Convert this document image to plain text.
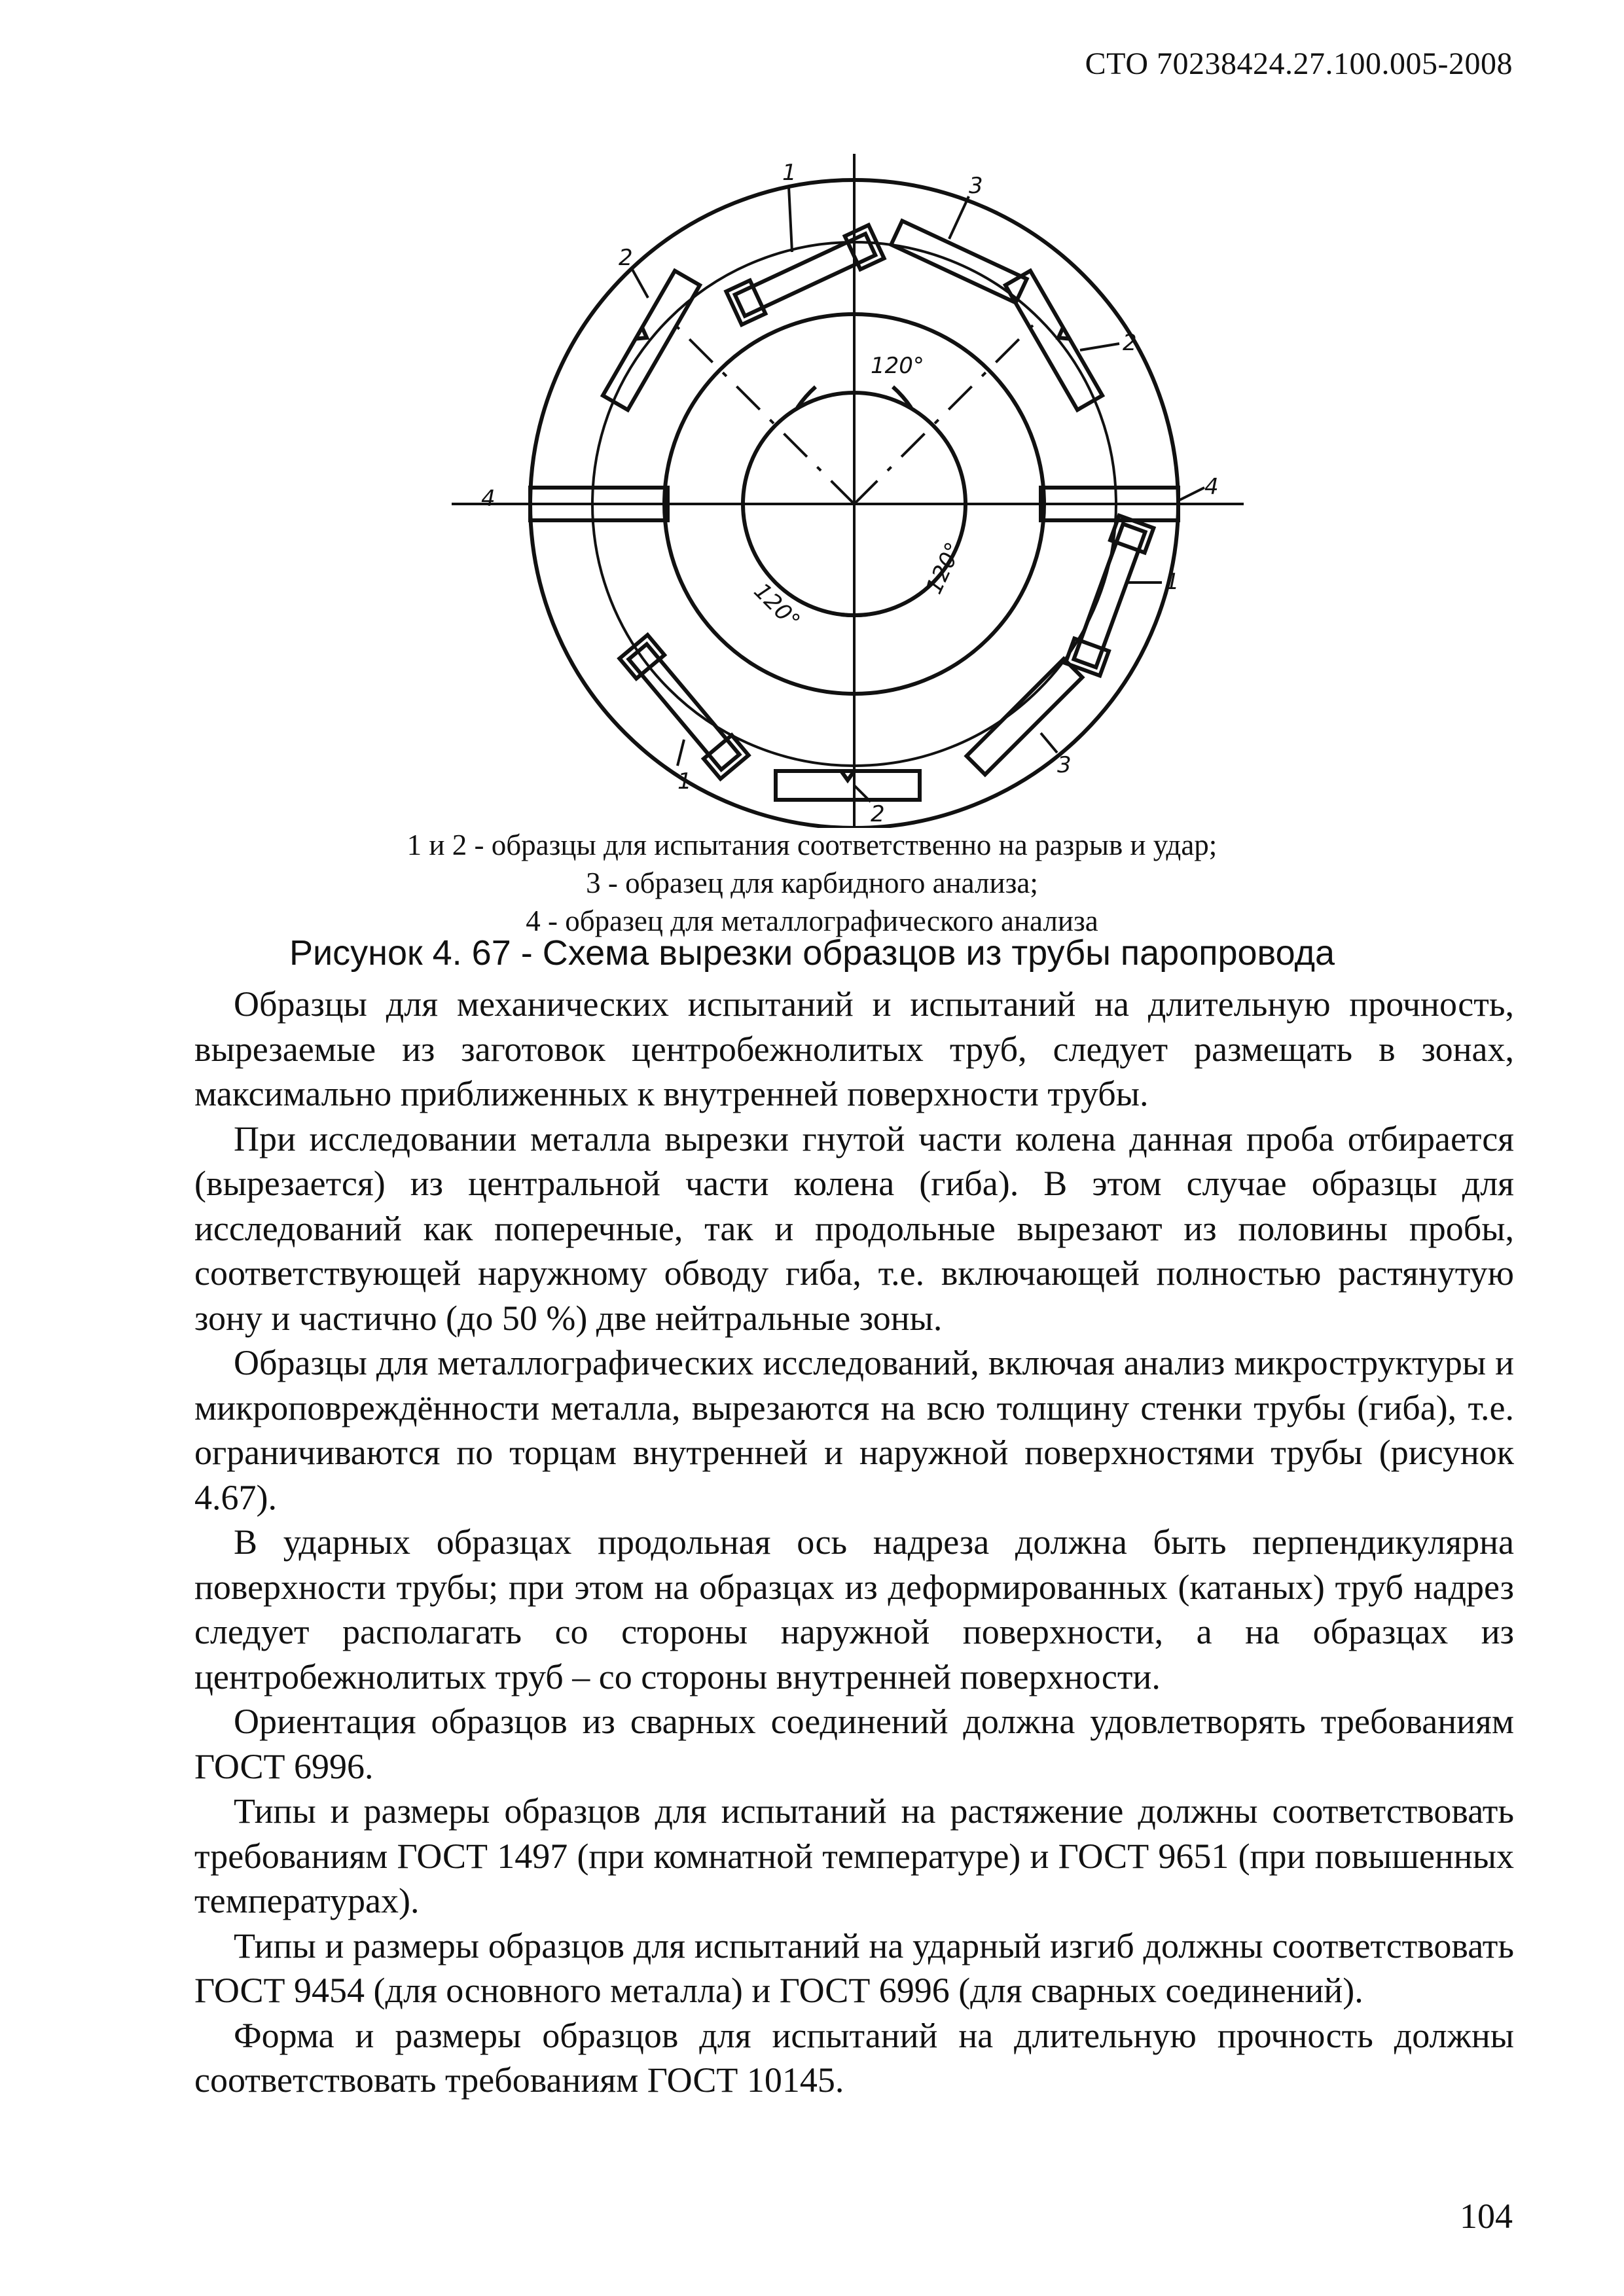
СТО 70238424.27.100.005-2008
120°
120°
120°
1	3
2
2
4	4
1
1
3
2
1 и 2 - образцы для испытания соответственно на разрыв и удар;
3 - образец для карбидного анализа;
4 - образец для металлографического анализа
Рисунок 4. 67 - Схема вырезки образцов из трубы паропровода

Образцы для механических испытаний и испытаний на длительную прочность, вырезаемые из заготовок центробежнолитых труб, следует размещать в зонах, максимально приближенных к внутренней поверхности трубы.

При исследовании металла вырезки гнутой части колена данная проба отбирается (вырезается) из центральной части колена (гиба). В этом случае образцы для исследований как поперечные, так и продольные вырезают из половины пробы, соответствующей наружному обводу гиба, т.е. включающей полностью растянутую зону и частично (до 50 %) две нейтральные зоны.

Образцы для металлографических исследований, включая анализ микроструктуры и микроповреждённости металла, вырезаются на всю толщину стенки трубы (гиба), т.е. ограничиваются по торцам внутренней и наружной поверхностями трубы (рисунок 4.67).

В ударных образцах продольная ось надреза должна быть перпендикулярна поверхности трубы; при этом на образцах из деформированных (катаных) труб надрез следует располагать со стороны наружной поверхности, а на образцах из центробежнолитых труб – со стороны внутренней поверхности.

Ориентация образцов из сварных соединений должна удовлетворять требованиям ГОСТ 6996.

Типы и размеры образцов для испытаний на растяжение должны соответствовать требованиям ГОСТ 1497 (при комнатной температуре) и ГОСТ 9651 (при повышенных температурах).

Типы и размеры образцов для испытаний на ударный изгиб должны соответствовать ГОСТ 9454 (для основного металла) и ГОСТ 6996 (для сварных соединений).

Форма и размеры образцов для испытаний на длительную прочность должны соответствовать требованиям ГОСТ 10145.

104
